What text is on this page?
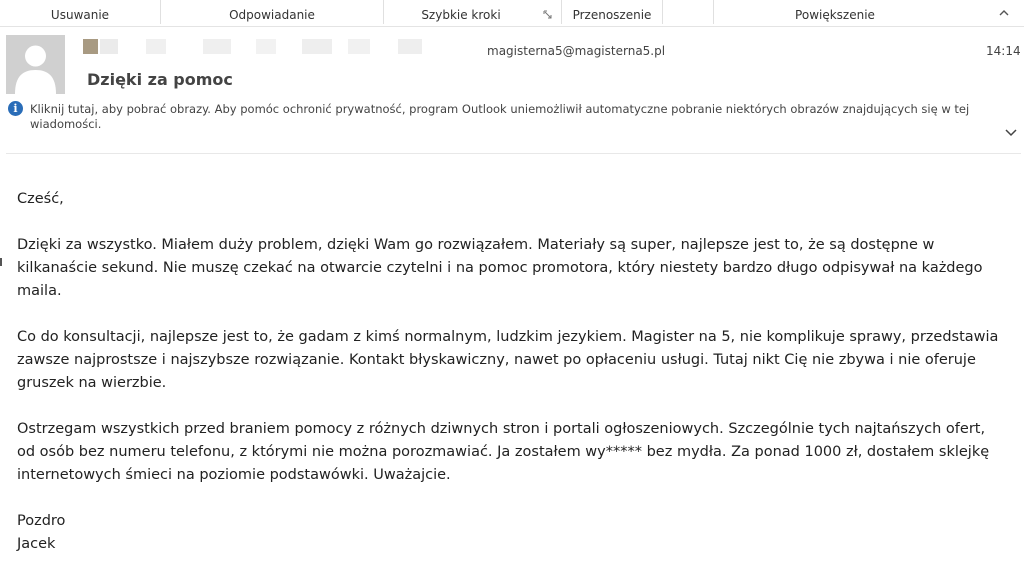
Usuwanie	Odpowiadanie	Szybkie kroki	Przenoszenie	Powiększenie
magisterna5@magisterna5.pl	14:14
Dzięki za pomoc
i	Kliknij tutaj, aby pobrać obrazy. Aby pomóc ochronić prywatność, program Outlook uniemożliwił automatyczne pobranie niektórych obrazów znajdujących się w tej wiadomości.

Cześć,

Dzięki za wszystko. Miałem duży problem, dzięki Wam go rozwiązałem. Materiały są super, najlepsze jest to, że są dostępne w kilkanaście sekund. Nie muszę czekać na otwarcie czytelni i na pomoc promotora, który niestety bardzo długo odpisywał na każdego maila.

Co do konsultacji, najlepsze jest to, że gadam z kimś normalnym, ludzkim jezykiem. Magister na 5, nie komplikuje sprawy, przedstawia zawsze najprostsze i najszybsze rozwiązanie. Kontakt błyskawiczny, nawet po opłaceniu usługi. Tutaj nikt Cię nie zbywa i nie oferuje gruszek na wierzbie.

Ostrzegam wszystkich przed braniem pomocy z różnych dziwnych stron i portali ogłoszeniowych. Szczególnie tych najtańszych ofert, od osób bez numeru telefonu, z którymi nie można porozmawiać. Ja zostałem wy***** bez mydła. Za ponad 1000 zł, dostałem sklejkę internetowych śmieci na poziomie podstawówki. Uważajcie.

Pozdro

Jacek
